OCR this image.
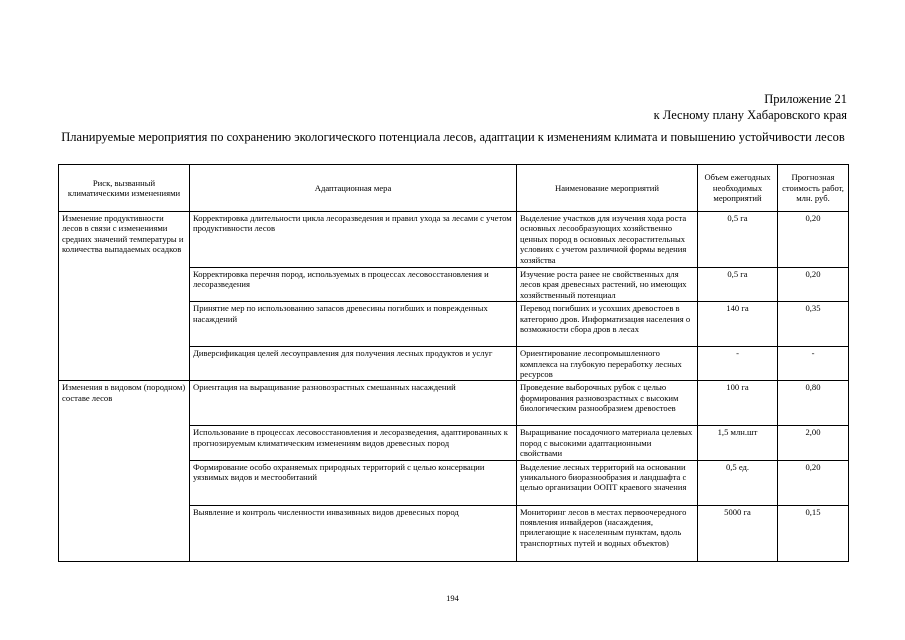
Приложение 21
к Лесному плану Хабаровского края
Планируемые мероприятия по сохранению экологического потенциала лесов, адаптации к изменениям климата и повышению устойчивости лесов
Риск, вызванный климатическими изменениями	Адаптационная мера	Наименование мероприятий	Объем ежегодных необходимых мероприятий	Прогнозная стоимость работ, млн. руб.
Изменение продуктивности лесов в связи с изменениями средних значений температуры и количества выпадаемых осадков	Корректировка длительности цикла лесоразведения и правил ухода за лесами с учетом продуктивности лесов	Выделение участков для изучения хода роста основных лесообразующих хозяйственно ценных пород в основных лесорастительных условиях с учетом различной формы ведения хозяйства	0,5 га	0,20
	Корректировка перечня пород, используемых в процессах лесовосстановления и лесоразведения	Изучение роста ранее не свойственных для лесов края древесных растений, но имеющих хозяйственный потенциал	0,5 га	0,20
	Принятие мер по использованию запасов древесины погибших и поврежденных насаждений	Перевод погибших и усохших древостоев в категорию дров. Информатизация населения о возможности сбора дров в лесах	140 га	0,35
	Диверсификация целей лесоуправления для получения лесных продуктов и услуг	Ориентирование лесопромышленного комплекса на глубокую переработку лесных ресурсов	-	-
Изменения в видовом (породном) составе лесов	Ориентация на выращивание разновозрастных смешанных насаждений	Проведение выборочных рубок с целью формирования разновозрастных с высоким биологическим разнообразием древостоев	100 га	0,80
	Использование в процессах лесовосстановления и лесоразведения, адаптированных к прогнозируемым климатическим изменениям видов древесных пород	Выращивание посадочного материала целевых пород с высокими адаптационными свойствами	1,5 млн.шт	2,00
	Формирование особо охраняемых природных территорий с целью консервации уязвимых видов и местообитаний	Выделение лесных территорий на основании уникального биоразнообразия и ландшафта с целью организации ООПТ краевого значения	0,5 ед.	0,20
	Выявление и контроль численности инвазивных видов древесных пород	Мониторинг лесов в местах первоочередного появления инвайдеров (насаждения, прилегающие к населенным пунктам, вдоль транспортных путей и водных объектов)	5000 га	0,15
194
